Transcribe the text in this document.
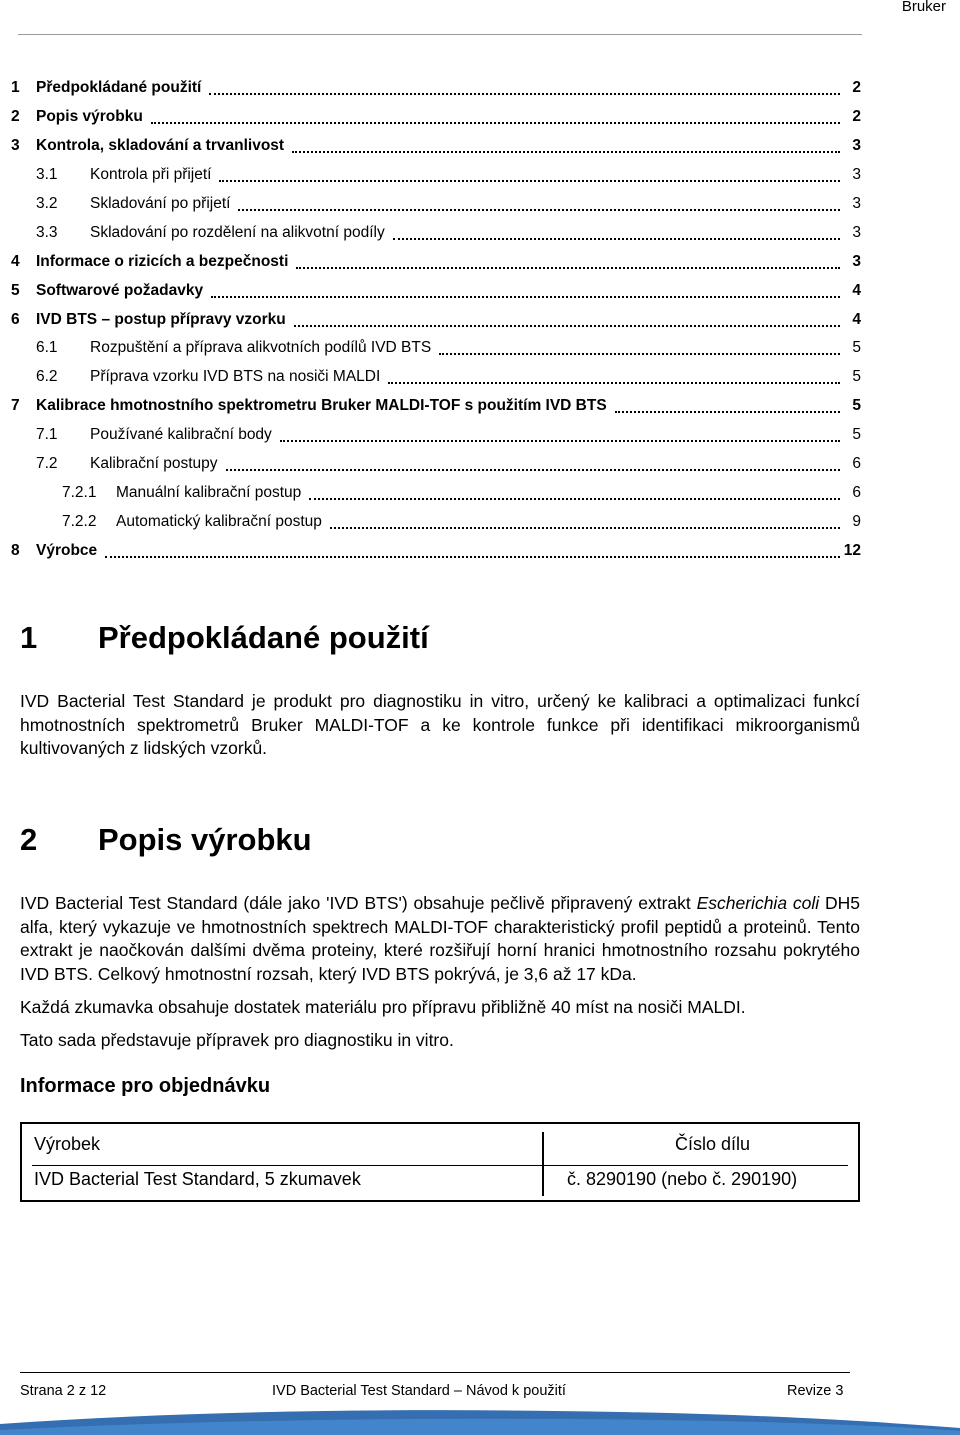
Bruker
1 Předpokládané použití	2
2 Popis výrobku	2
3 Kontrola, skladování a trvanlivost	3
3.1 Kontrola při přijetí	3
3.2 Skladování po přijetí	3
3.3 Skladování po rozdělení na alikvotní podíly	3
4 Informace o rizicích a bezpečnosti	3
5 Softwarové požadavky	4
6 IVD BTS – postup přípravy vzorku	4
6.1 Rozpuštění a příprava alikvotních podílů IVD BTS	5
6.2 Příprava vzorku IVD BTS na nosiči MALDI	5
7 Kalibrace hmotnostního spektrometru Bruker MALDI-TOF s použitím IVD BTS	5
7.1 Používané kalibrační body	5
7.2 Kalibrační postupy	6
7.2.1 Manuální kalibrační postup	6
7.2.2 Automatický kalibrační postup	9
8 Výrobce	12
1	Předpokládané použití
IVD Bacterial Test Standard je produkt pro diagnostiku in vitro, určený ke kalibraci a optimalizaci funkcí hmotnostních spektrometrů Bruker MALDI-TOF a ke kontrole funkce při identifikaci mikroorganismů kultivovaných z lidských vzorků.
2	Popis výrobku
IVD Bacterial Test Standard (dále jako 'IVD BTS') obsahuje pečlivě připravený extrakt Escherichia coli DH5 alfa, který vykazuje ve hmotnostních spektrech MALDI-TOF charakteristický profil peptidů a proteinů. Tento extrakt je naočkován dalšími dvěma proteiny, které rozšiřují horní hranici hmotnostního rozsahu pokrytého IVD BTS. Celkový hmotnostní rozsah, který IVD BTS pokrývá, je 3,6 až 17 kDa.
Každá zkumavka obsahuje dostatek materiálu pro přípravu přibližně 40 míst na nosiči MALDI.
Tato sada představuje přípravek pro diagnostiku in vitro.
Informace pro objednávku
Výrobek	Číslo dílu
IVD Bacterial Test Standard, 5 zkumavek	č. 8290190 (nebo č. 290190)
Strana 2 z 12	IVD Bacterial Test Standard – Návod k použití	Revize 3
